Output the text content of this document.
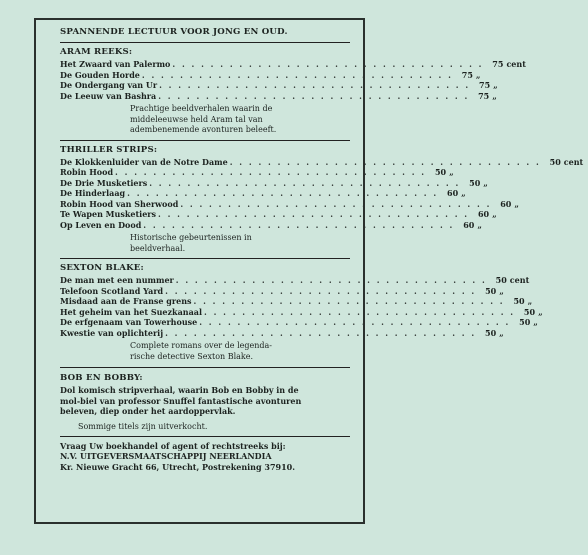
SPANNENDE LECTUUR VOOR JONG EN OUD.
ARAM REEKS:
Het Zwaard van Palermo . . . . . . . . . . . . . . . . . . . . . . . . . . . . . . . . .	75 cent
De Gouden Horde . . . . . . . . . . . . . . . . . . . . . . . . . . . . . . . . .	75 „
De Ondergang van Ur . . . . . . . . . . . . . . . . . . . . . . . . . . . . . . . . .	75 „
De Leeuw van Bashra . . . . . . . . . . . . . . . . . . . . . . . . . . . . . . . . .	75 „
Prachtige beeldverhalen waarin de
middeleeuwse held Aram tal van
adembenemende avonturen beleeft.
THRILLER STRIPS:
De Klokkenluider van de Notre Dame . . . . . . . . . . . . . . . . . . . . . . . . . . . . . . . . .	50 cent
Robin Hood . . . . . . . . . . . . . . . . . . . . . . . . . . . . . . . . .	50 „
De Drie Musketiers . . . . . . . . . . . . . . . . . . . . . . . . . . . . . . . . .	50 „
De Hinderlaag . . . . . . . . . . . . . . . . . . . . . . . . . . . . . . . . .	60 „
Robin Hood van Sherwood . . . . . . . . . . . . . . . . . . . . . . . . . . . . . . . . .	60 „
Te Wapen Musketiers . . . . . . . . . . . . . . . . . . . . . . . . . . . . . . . . .	60 „
Op Leven en Dood . . . . . . . . . . . . . . . . . . . . . . . . . . . . . . . . .	60 „
Historische gebeurtenissen in
beeldverhaal.
SEXTON BLAKE:
De man met een nummer . . . . . . . . . . . . . . . . . . . . . . . . . . . . . . . . .	50 cent
Telefoon Scotland Yard . . . . . . . . . . . . . . . . . . . . . . . . . . . . . . . . .	50 „
Misdaad aan de Franse grens . . . . . . . . . . . . . . . . . . . . . . . . . . . . . . . . .	50 „
Het geheim van het Suezkanaal . . . . . . . . . . . . . . . . . . . . . . . . . . . . . . . . .	50 „
De erfgenaam van Towerhouse . . . . . . . . . . . . . . . . . . . . . . . . . . . . . . . . .	50 „
Kwestie van oplichterij . . . . . . . . . . . . . . . . . . . . . . . . . . . . . . . . .	50 „
Complete romans over de legenda-
rische detective Sexton Blake.
BOB EN BOBBY:
Dol komisch stripverhaal, waarin Bob en Bobby in de
mol-biel van professor Snuffel fantastische avonturen
beleven, diep onder het aardoppervlak.
Sommige titels zijn uitverkocht.
Vraag Uw boekhandel of agent of rechtstreeks bij:
N.V. UITGEVERSMAATSCHAPPIJ NEERLANDIA
Kr. Nieuwe Gracht 66, Utrecht, Postrekening 37910.
